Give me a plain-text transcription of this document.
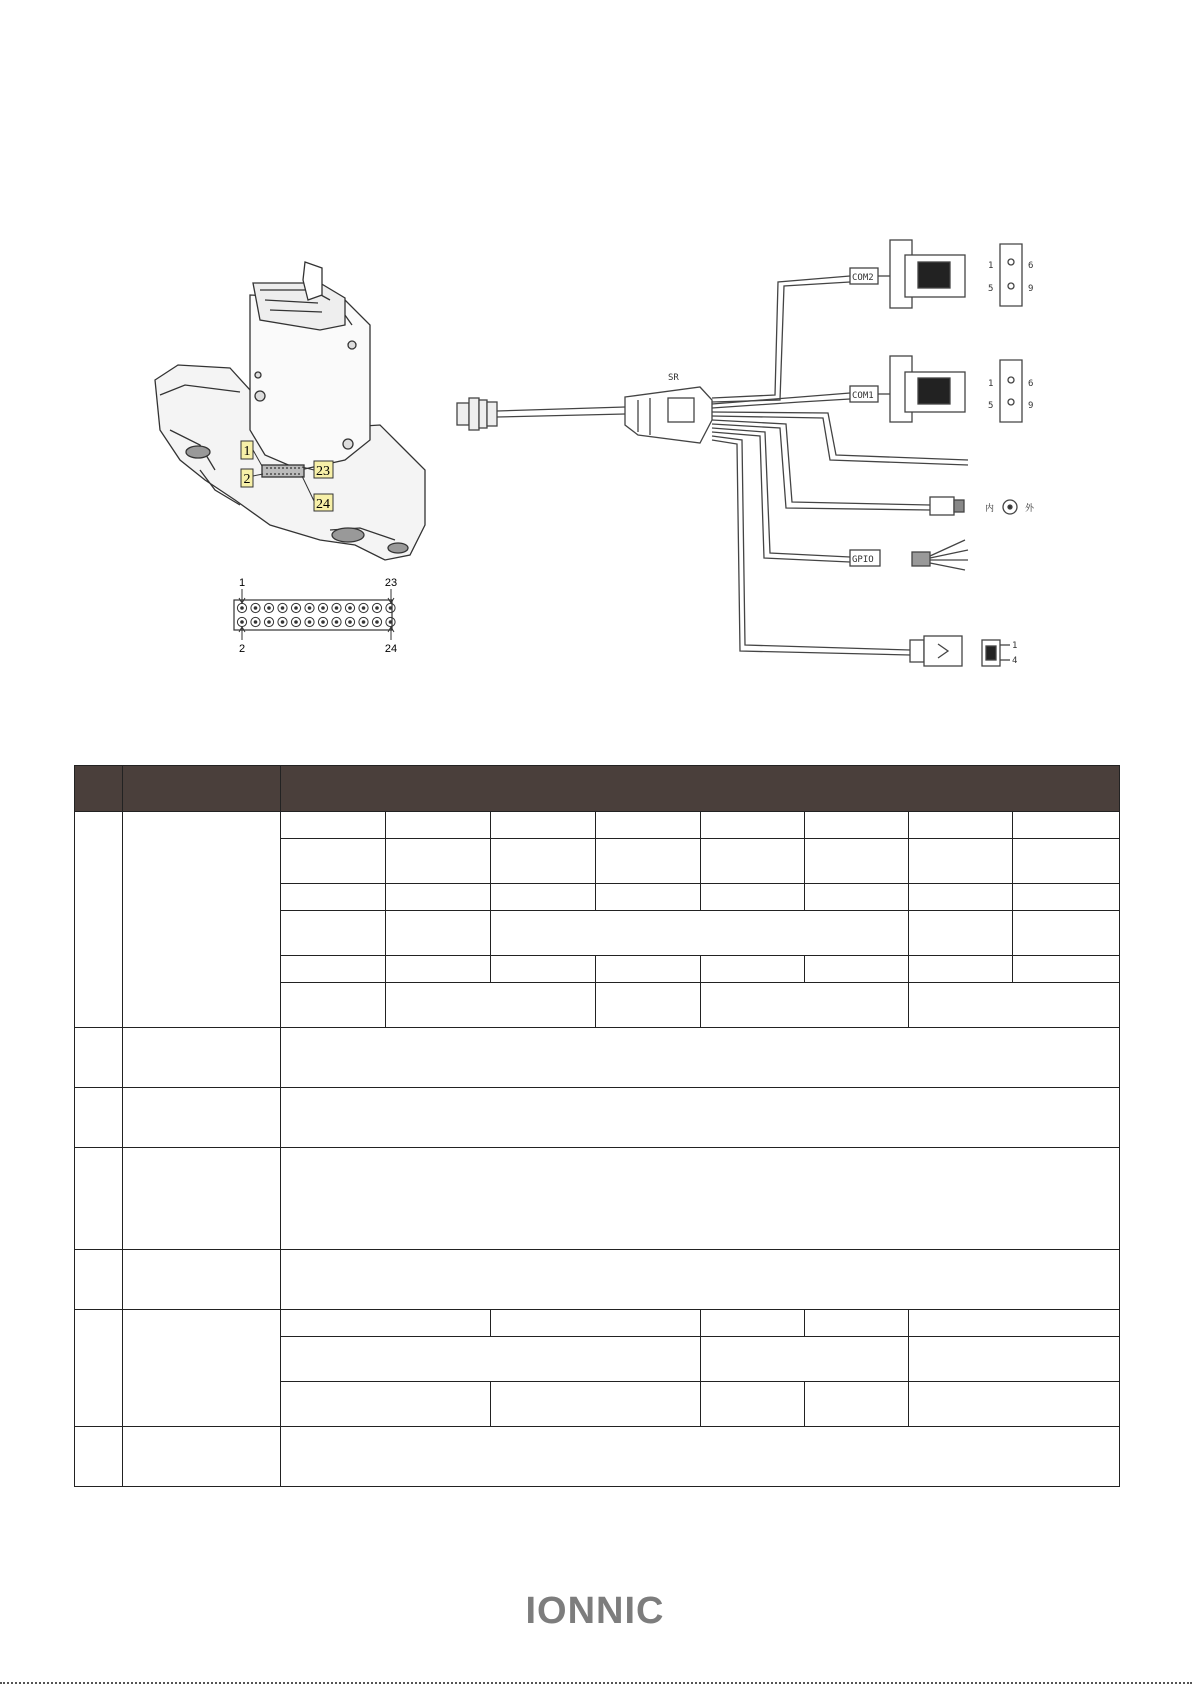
1
2
23
24
1	23
2	24
SR
COM2
1	6
5	9
COM1
1	6
5	9
内	外
GPIO
1
4

IONNIC
